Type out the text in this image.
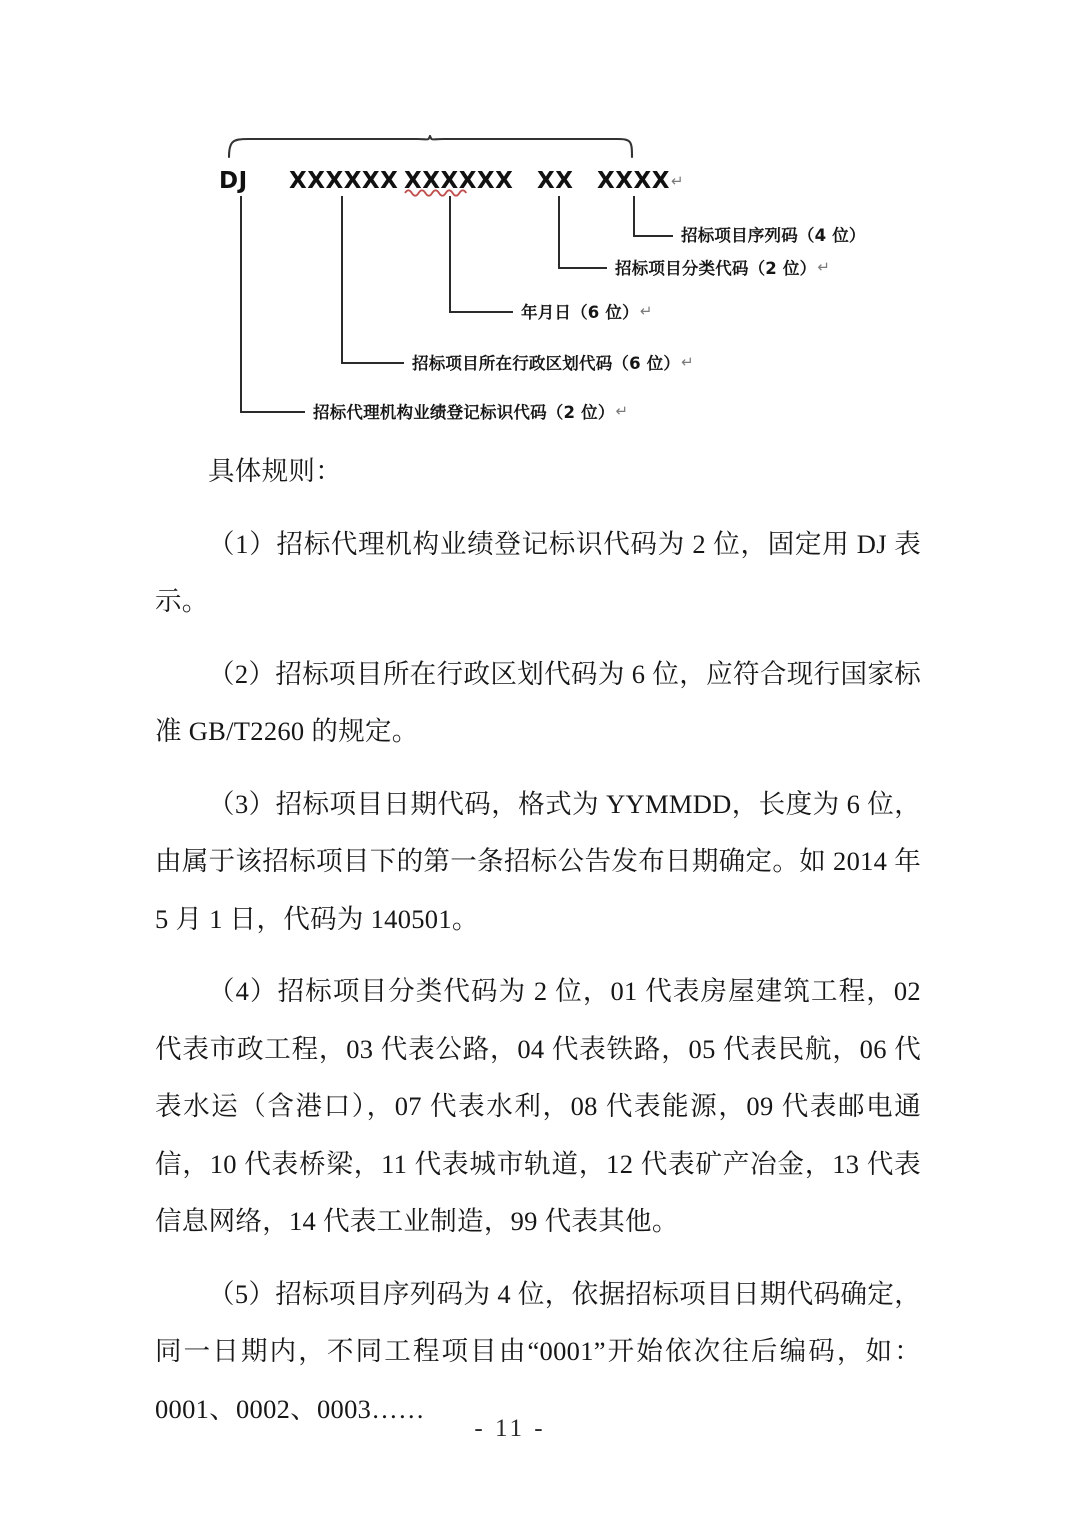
DJ XXXXXX XXXXXX XX XXXX↵
招标项目序列码（4 位）
招标项目分类代码（2 位）↵
年月日（6 位）↵
招标项目所在行政区划代码（6 位）↵
招标代理机构业绩登记标识代码（2 位）↵

具体规则：

（1）招标代理机构业绩登记标识代码为 2 位，固定用 DJ 表示。

（2）招标项目所在行政区划代码为 6 位，应符合现行国家标准 GB/T2260 的规定。

（3）招标项目日期代码，格式为 YYMMDD，长度为 6 位，由属于该招标项目下的第一条招标公告发布日期确定。如 2014 年 5 月 1 日，代码为 140501。

（4）招标项目分类代码为 2 位，01 代表房屋建筑工程，02 代表市政工程，03 代表公路，04 代表铁路，05 代表民航，06 代表水运（含港口），07 代表水利，08 代表能源，09 代表邮电通信，10 代表桥梁，11 代表城市轨道，12 代表矿产冶金，13 代表信息网络，14 代表工业制造，99 代表其他。

（5）招标项目序列码为 4 位，依据招标项目日期代码确定，同一日期内，不同工程项目由“0001”开始依次往后编码，如：0001、0002、0003……

- 11 -
